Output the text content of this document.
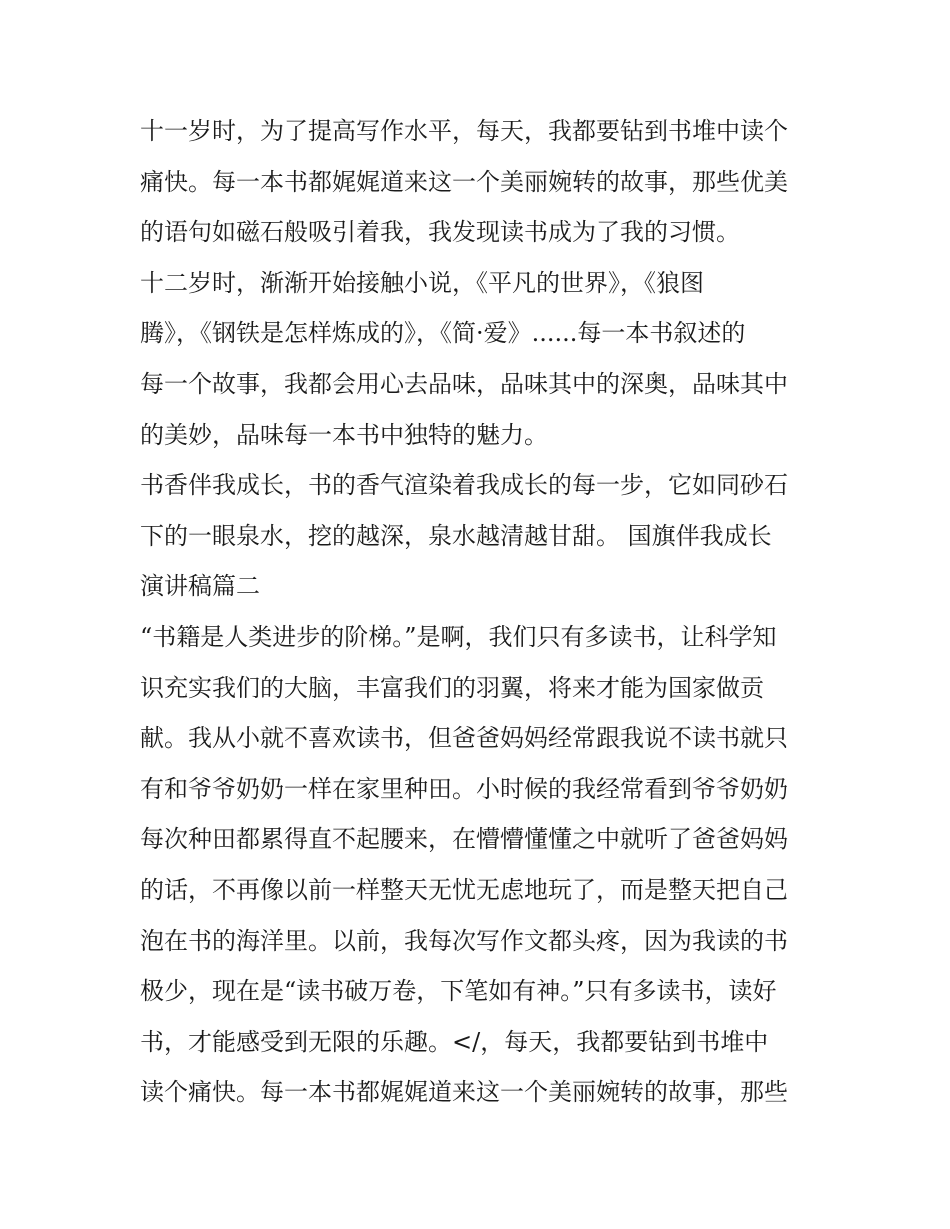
十一岁时，为了提高写作水平，每天，我都要钻到书堆中读个
痛快。每一本书都娓娓道来这一个美丽婉转的故事，那些优美
的语句如磁石般吸引着我，我发现读书成为了我的习惯。
十二岁时，渐渐开始接触小说，《平凡的世界》，《狼图
腾》，《钢铁是怎样炼成的》，《简·爱》......每一本书叙述的
每一个故事，我都会用心去品味，品味其中的深奥，品味其中
的美妙，品味每一本书中独特的魅力。
书香伴我成长，书的香气渲染着我成长的每一步，它如同砂石
下的一眼泉水，挖的越深，泉水越清越甘甜。 国旗伴我成长
演讲稿篇二
“书籍是人类进步的阶梯。”是啊，我们只有多读书，让科学知
识充实我们的大脑，丰富我们的羽翼，将来才能为国家做贡
献。我从小就不喜欢读书，但爸爸妈妈经常跟我说不读书就只
有和爷爷奶奶一样在家里种田。小时候的我经常看到爷爷奶奶
每次种田都累得直不起腰来，在懵懵懂懂之中就听了爸爸妈妈
的话，不再像以前一样整天无忧无虑地玩了，而是整天把自己
泡在书的海洋里。以前，我每次写作文都头疼，因为我读的书
极少，现在是“读书破万卷，下笔如有神。”只有多读书，读好
书，才能感受到无限的乐趣。</，每天，我都要钻到书堆中
读个痛快。每一本书都娓娓道来这一个美丽婉转的故事，那些
